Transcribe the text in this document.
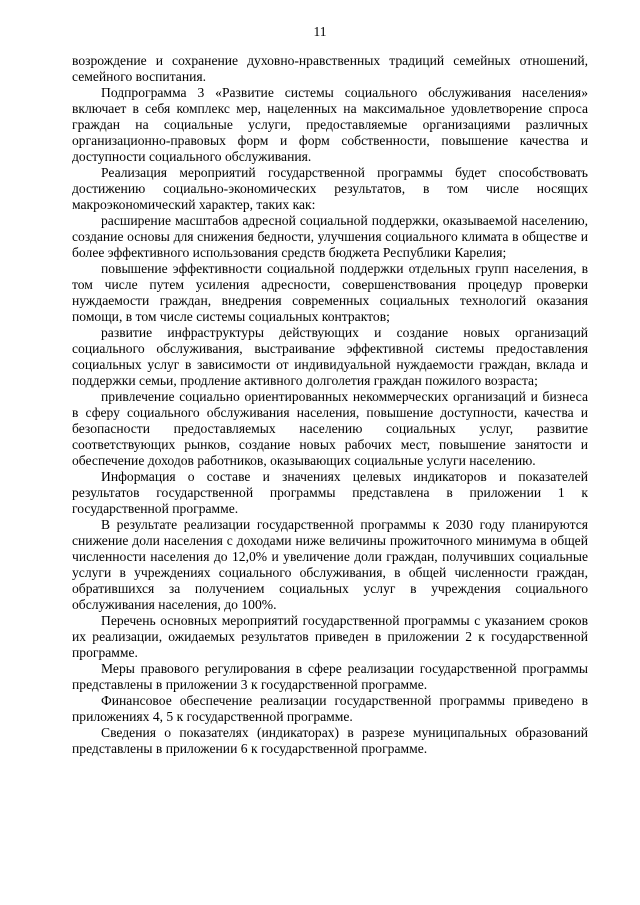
11

возрождение и сохранение духовно-нравственных традиций семейных отношений, семейного воспитания.

Подпрограмма 3 «Развитие системы социального обслуживания населения» включает в себя комплекс мер, нацеленных на максимальное удовлетворение спроса граждан на социальные услуги, предоставляемые организациями различных организационно-правовых форм и форм собственности, повышение качества и доступности социального обслуживания.

Реализация мероприятий государственной программы будет способствовать достижению социально-экономических результатов, в том числе носящих макроэкономический характер, таких как:

расширение масштабов адресной социальной поддержки, оказываемой населению, создание основы для снижения бедности, улучшения социального климата в обществе и более эффективного использования средств бюджета Республики Карелия;

повышение эффективности социальной поддержки отдельных групп населения, в том числе путем усиления адресности, совершенствования процедур проверки нуждаемости граждан, внедрения современных социальных технологий оказания помощи, в том числе системы социальных контрактов;

развитие инфраструктуры действующих и создание новых организаций социального обслуживания, выстраивание эффективной системы предоставления социальных услуг в зависимости от индивидуальной нуждаемости граждан, вклада и поддержки семьи, продление активного долголетия граждан пожилого возраста;

привлечение социально ориентированных некоммерческих организаций и бизнеса в сферу социального обслуживания населения, повышение доступности, качества и безопасности предоставляемых населению социальных услуг, развитие соответствующих рынков, создание новых рабочих мест, повышение занятости и обеспечение доходов работников, оказывающих социальные услуги населению.

Информация о составе и значениях целевых индикаторов и показателей результатов государственной программы представлена в приложении 1 к государственной программе.

В результате реализации государственной программы к 2030 году планируются снижение доли населения с доходами ниже величины прожиточного минимума в общей численности населения до 12,0% и увеличение доли граждан, получивших социальные услуги в учреждениях социального обслуживания, в общей численности граждан, обратившихся за получением социальных услуг в учреждения социального обслуживания населения, до 100%.

Перечень основных мероприятий государственной программы с указанием сроков их реализации, ожидаемых результатов приведен в приложении 2 к государственной программе.

Меры правового регулирования в сфере реализации государственной программы представлены в приложении 3 к государственной программе.

Финансовое обеспечение реализации государственной программы приведено в приложениях 4, 5 к государственной программе.

Сведения о показателях (индикаторах) в разрезе муниципальных образований представлены в приложении 6 к государственной программе.
